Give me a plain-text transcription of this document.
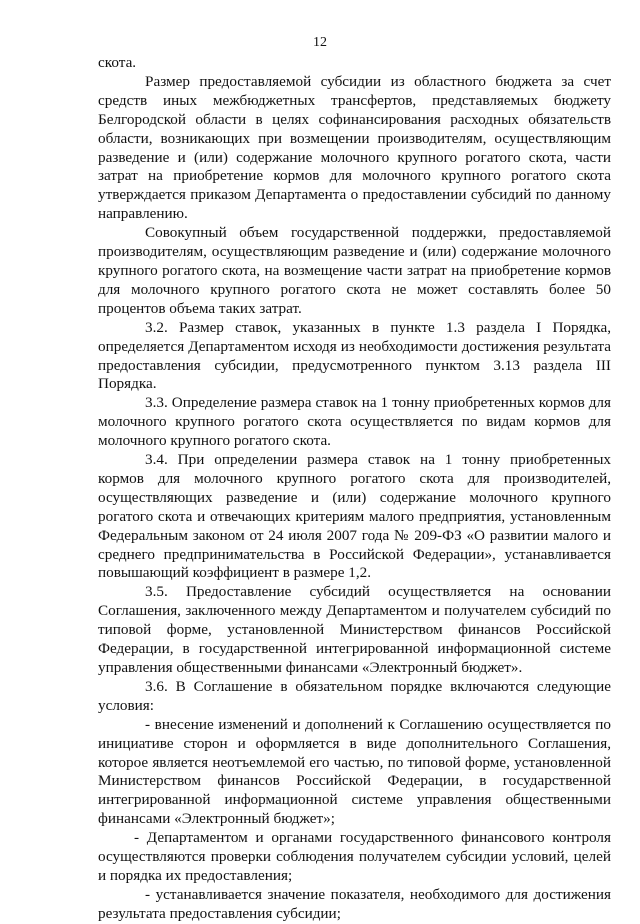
12

скота.

Размер предоставляемой субсидии из областного бюджета за счет средств иных межбюджетных трансфертов, представляемых бюджету Белгородской области в целях софинансирования расходных обязательств области, возникающих при возмещении производителям, осуществляющим разведение и (или) содержание молочного крупного рогатого скота, части затрат на приобретение кормов для молочного крупного рогатого скота утверждается приказом Департамента о предоставлении субсидий по данному направлению.

Совокупный объем государственной поддержки, предоставляемой производителям, осуществляющим разведение и (или) содержание молочного крупного рогатого скота, на возмещение части затрат на приобретение кормов для молочного крупного рогатого скота не может составлять более 50 процентов объема таких затрат.

3.2. Размер ставок, указанных в пункте 1.3 раздела I Порядка, определяется Департаментом исходя из необходимости достижения результата предоставления субсидии, предусмотренного пунктом 3.13 раздела III Порядка.

3.3. Определение размера ставок на 1 тонну приобретенных кормов для молочного крупного рогатого скота осуществляется по видам кормов для молочного крупного рогатого скота.

3.4. При определении размера ставок на 1 тонну приобретенных кормов для молочного крупного рогатого скота для производителей, осуществляющих разведение и (или) содержание молочного крупного рогатого скота и отвечающих критериям малого предприятия, установленным Федеральным законом от 24 июля 2007 года № 209-ФЗ «О развитии малого и среднего предпринимательства в Российской Федерации», устанавливается повышающий коэффициент в размере 1,2.

3.5. Предоставление субсидий осуществляется на основании Соглашения, заключенного между Департаментом и получателем субсидий по типовой форме, установленной Министерством финансов Российской Федерации, в государственной интегрированной информационной системе управления общественными финансами «Электронный бюджет».

3.6. В Соглашение в обязательном порядке включаются следующие условия:

- внесение изменений и дополнений к Соглашению осуществляется по инициативе сторон и оформляется в виде дополнительного Соглашения, которое является неотъемлемой его частью, по типовой форме, установленной Министерством финансов Российской Федерации, в государственной интегрированной информационной системе управления общественными финансами «Электронный бюджет»;

- Департаментом и органами государственного финансового контроля осуществляются проверки соблюдения получателем субсидии условий, целей и порядка их предоставления;

- устанавливается значение показателя, необходимого для достижения результата предоставления субсидии;
